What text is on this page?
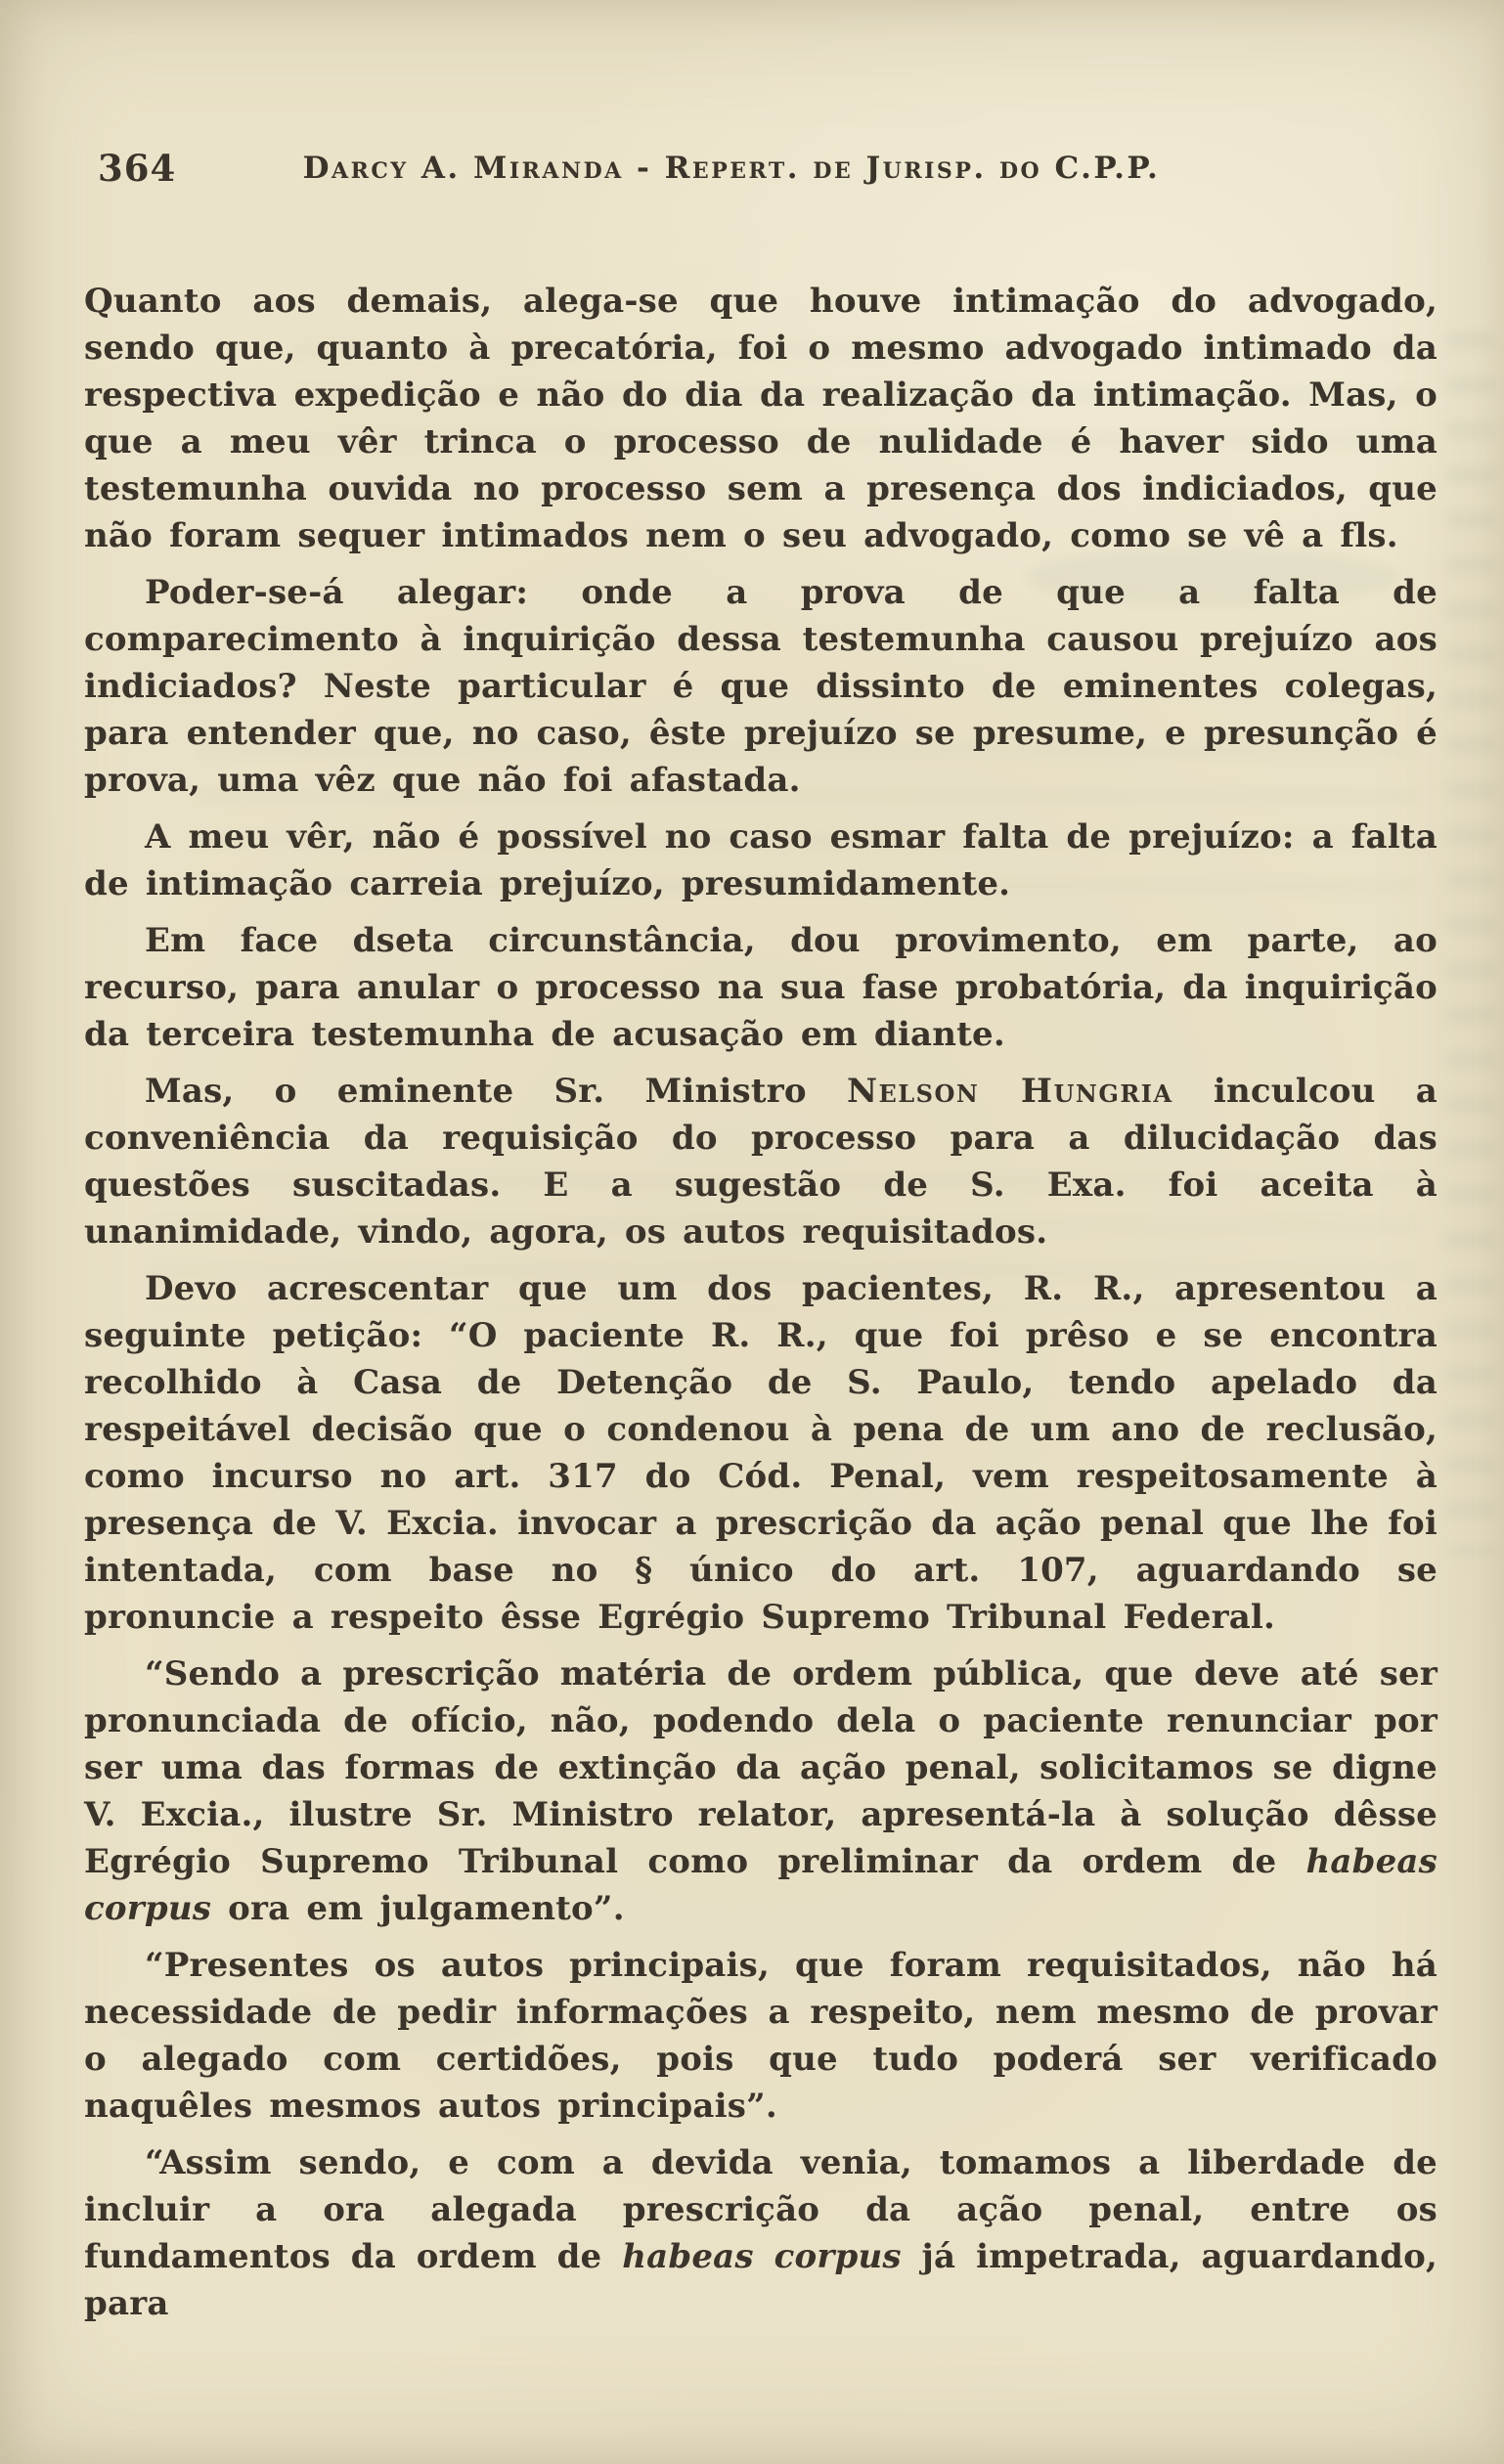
364	Darcy A. Miranda - Repert. de Jurisp. do C.P.P.

Quanto aos demais, alega-se que houve intimação do advogado, sendo que, quanto à precatória, foi o mesmo advogado intimado da respectiva expedição e não do dia da realização da intimação. Mas, o que a meu vêr trinca o processo de nulidade é haver sido uma testemunha ouvida no processo sem a presença dos indiciados, que não foram sequer intimados nem o seu advogado, como se vê a fls.

Poder-se-á alegar: onde a prova de que a falta de comparecimento à inquirição dessa testemunha causou prejuízo aos indiciados? Neste particular é que dissinto de eminentes colegas, para entender que, no caso, êste prejuízo se presume, e presunção é prova, uma vêz que não foi afastada.

A meu vêr, não é possível no caso esmar falta de prejuízo: a falta de intimação carreia prejuízo, presumidamente.

Em face dseta circunstância, dou provimento, em parte, ao recurso, para anular o processo na sua fase probatória, da inquirição da terceira testemunha de acusação em diante.

Mas, o eminente Sr. Ministro Nelson Hungria inculcou a conveniência da requisição do processo para a dilucidação das questões suscitadas. E a sugestão de S. Exa. foi aceita à unanimidade, vindo, agora, os autos requisitados.

Devo acrescentar que um dos pacientes, R. R., apresentou a seguinte petição: “O paciente R. R., que foi prêso e se encontra recolhido à Casa de Detenção de S. Paulo, tendo apelado da respeitável decisão que o condenou à pena de um ano de reclusão, como incurso no art. 317 do Cód. Penal, vem respeitosamente à presença de V. Excia. invocar a prescrição da ação penal que lhe foi intentada, com base no § único do art. 107, aguardando se pronuncie a respeito êsse Egrégio Supremo Tribunal Federal.

“Sendo a prescrição matéria de ordem pública, que deve até ser pronunciada de ofício, não, podendo dela o paciente renunciar por ser uma das formas de extinção da ação penal, solicitamos se digne V. Excia., ilustre Sr. Ministro relator, apresentá-la à solução dêsse Egrégio Supremo Tribunal como preliminar da ordem de habeas corpus ora em julgamento”.

“Presentes os autos principais, que foram requisitados, não há necessidade de pedir informações a respeito, nem mesmo de provar o alegado com certidões, pois que tudo poderá ser verificado naquêles mesmos autos principais”.

“Assim sendo, e com a devida venia, tomamos a liberdade de incluir a ora alegada prescrição da ação penal, entre os fundamentos da ordem de habeas corpus já impetrada, aguardando, para
